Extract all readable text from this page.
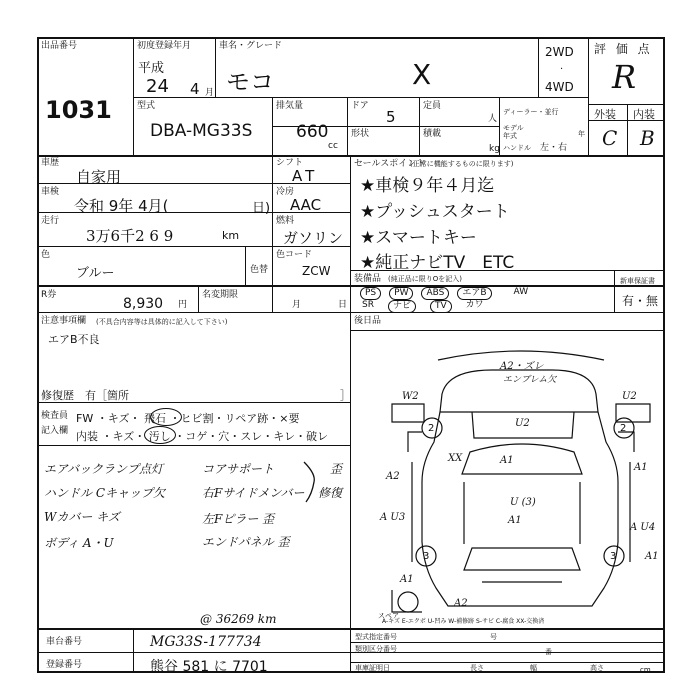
出品番号
1031
初度登録年月
平成
24 4 月
車名・グレード
モコ	X
2WD
·
4WD
評 価 点
R
外装 内装
C B
型式
DBA-MG33S
排気量
660
cc
ドア
5
定員
人
形状	積載
kg
ディーラー・並行
モデル
年式	年
ハンドル 左・右
車歴
自家用
シフト
AT
車検
令和 9年 4月(	日)
冷房
AAC
走行
3万6千2 6 9	km
燃料
ガソリン
色
ブルー	色替
色コード
ZCW
R券
8,930 円
名変期限
月	日
セールスポイント
(正常に機能するものに限ります)
★車検９年４月迄
★プッシュスタート
★スマートキー
★純正ナビTV　ETC
装備品 (純正品に限りOを記入)
PS	PW	ABS	エアB	AW
SR	ナビ	TV	カワ
新車保証書
有・無
後日品
注意事項欄 (不具合内容等は具体的に記入して下さい)
エアB不良
修復歴　有［箇所	］
検査員
記入欄
FW ・キズ・ 飛石 ・ヒビ割・リペア跡・×要
内装 ・キズ・ 汚し ・コゲ・穴・スレ・キレ・破レ
エアバックランプ点灯
ハンドル Cキャップ欠
Wカバー キズ
ボディ A・U
コアサポート
右Fサイドメンバー
左Fピラー 歪
エンドパネル 歪
歪
修復
@ 36269 km
A2・ズレ
エンブレム欠
W2	U2
U2
2	2
XX
A1
A1
A2
U (3)
A U3	A1
A U4
3	3	A1
A1
A2
スペア
A-キズ E-エクボ U-凹み W-補修跡 S-サビ C-腐食 XX-交換済
車台番号	MG33S-177734
登録番号	熊谷 581 に 7701
型式指定番号
類別区分番号
車庫証明日	長さ	幅	高さ	cm
号
番
